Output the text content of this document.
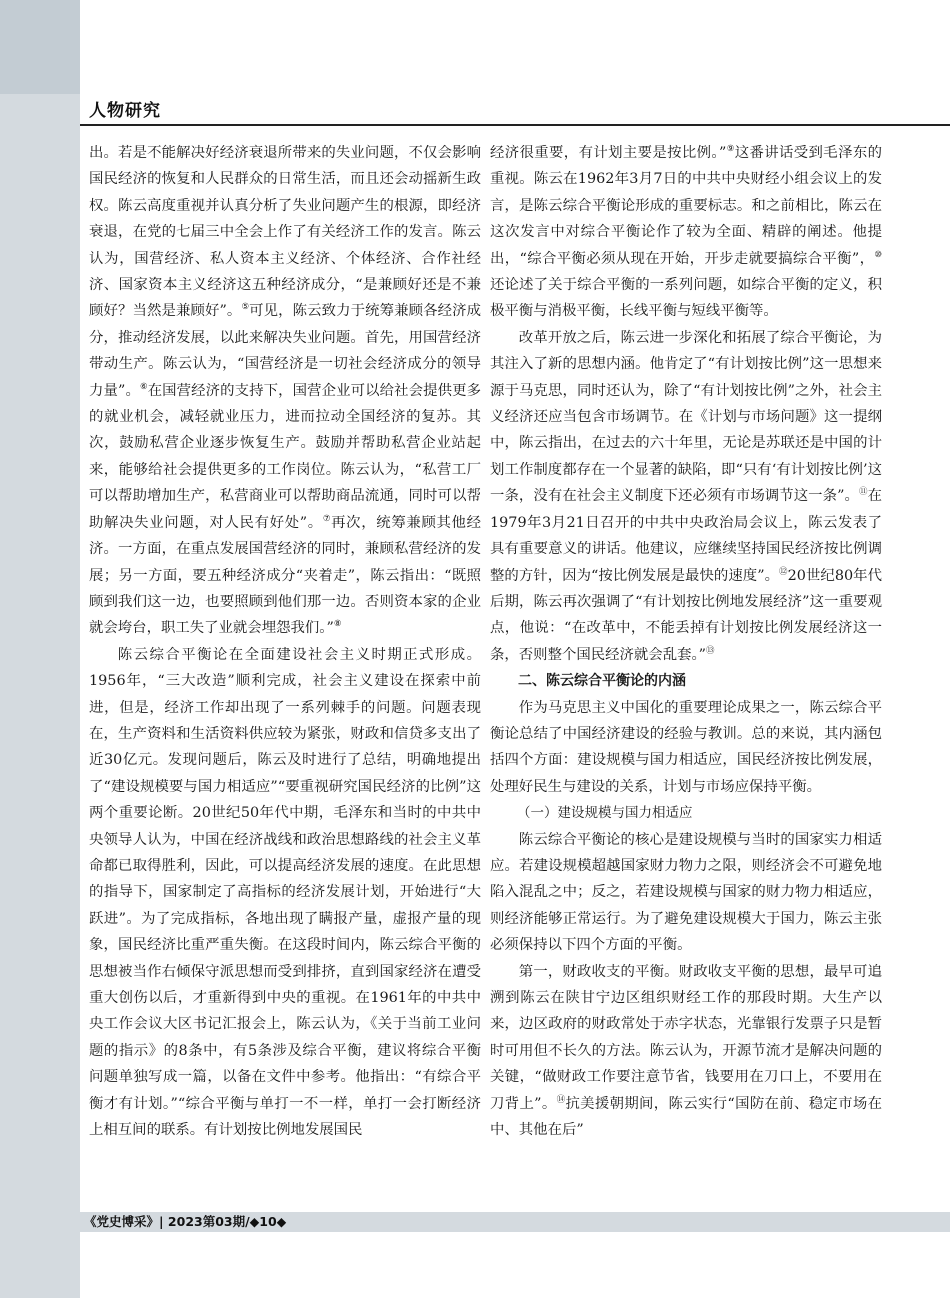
人物研究

出。若是不能解决好经济衰退所带来的失业问题，不仅会影响国民经济的恢复和人民群众的日常生活，而且还会动摇新生政权。陈云高度重视并认真分析了失业问题产生的根源，即经济衰退，在党的七届三中全会上作了有关经济工作的发言。陈云认为，国营经济、私人资本主义经济、个体经济、合作社经济、国家资本主义经济这五种经济成分，“是兼顾好还是不兼顾好？当然是兼顾好”。⑤可见，陈云致力于统筹兼顾各经济成分，推动经济发展，以此来解决失业问题。首先，用国营经济带动生产。陈云认为，“国营经济是一切社会经济成分的领导力量”。⑥在国营经济的支持下，国营企业可以给社会提供更多的就业机会，减轻就业压力，进而拉动全国经济的复苏。其次，鼓励私营企业逐步恢复生产。鼓励并帮助私营企业站起来，能够给社会提供更多的工作岗位。陈云认为，“私营工厂可以帮助增加生产，私营商业可以帮助商品流通，同时可以帮助解决失业问题，对人民有好处”。⑦再次，统筹兼顾其他经济。一方面，在重点发展国营经济的同时，兼顾私营经济的发展；另一方面，要五种经济成分“夹着走”，陈云指出：“既照顾到我们这一边，也要照顾到他们那一边。否则资本家的企业就会垮台，职工失了业就会埋怨我们。”⑧

陈云综合平衡论在全面建设社会主义时期正式形成。1956年，“三大改造”顺利完成，社会主义建设在探索中前进，但是，经济工作却出现了一系列棘手的问题。问题表现在，生产资料和生活资料供应较为紧张，财政和信贷多支出了近30亿元。发现问题后，陈云及时进行了总结，明确地提出了“建设规模要与国力相适应”“要重视研究国民经济的比例”这两个重要论断。20世纪50年代中期，毛泽东和当时的中共中央领导人认为，中国在经济战线和政治思想路线的社会主义革命都已取得胜利，因此，可以提高经济发展的速度。在此思想的指导下，国家制定了高指标的经济发展计划，开始进行“大跃进”。为了完成指标，各地出现了瞒报产量，虚报产量的现象，国民经济比重严重失衡。在这段时间内，陈云综合平衡的思想被当作右倾保守派思想而受到排挤，直到国家经济在遭受重大创伤以后，才重新得到中央的重视。在1961年的中共中央工作会议大区书记汇报会上，陈云认为，《关于当前工业问题的指示》的8条中，有5条涉及综合平衡，建议将综合平衡问题单独写成一篇，以备在文件中参考。他指出：“有综合平衡才有计划。”“综合平衡与单打一不一样，单打一会打断经济上相互间的联系。有计划按比例地发展国民

经济很重要，有计划主要是按比例。”⑨这番讲话受到毛泽东的重视。陈云在1962年3月7日的中共中央财经小组会议上的发言，是陈云综合平衡论形成的重要标志。和之前相比，陈云在这次发言中对综合平衡论作了较为全面、精辟的阐述。他提出，“综合平衡必须从现在开始，开步走就要搞综合平衡”，⑩还论述了关于综合平衡的一系列问题，如综合平衡的定义，积极平衡与消极平衡，长线平衡与短线平衡等。

改革开放之后，陈云进一步深化和拓展了综合平衡论，为其注入了新的思想内涵。他肯定了“有计划按比例”这一思想来源于马克思，同时还认为，除了“有计划按比例”之外，社会主义经济还应当包含市场调节。在《计划与市场问题》这一提纲中，陈云指出，在过去的六十年里，无论是苏联还是中国的计划工作制度都存在一个显著的缺陷，即“只有‘有计划按比例’这一条，没有在社会主义制度下还必须有市场调节这一条”。⑪在1979年3月21日召开的中共中央政治局会议上，陈云发表了具有重要意义的讲话。他建议，应继续坚持国民经济按比例调整的方针，因为“按比例发展是最快的速度”。⑫20世纪80年代后期，陈云再次强调了“有计划按比例地发展经济”这一重要观点，他说：“在改革中，不能丢掉有计划按比例发展经济这一条，否则整个国民经济就会乱套。”⑬

二、陈云综合平衡论的内涵

作为马克思主义中国化的重要理论成果之一，陈云综合平衡论总结了中国经济建设的经验与教训。总的来说，其内涵包括四个方面：建设规模与国力相适应，国民经济按比例发展，处理好民生与建设的关系，计划与市场应保持平衡。

（一）建设规模与国力相适应

陈云综合平衡论的核心是建设规模与当时的国家实力相适应。若建设规模超越国家财力物力之限，则经济会不可避免地陷入混乱之中；反之，若建设规模与国家的财力物力相适应，则经济能够正常运行。为了避免建设规模大于国力，陈云主张必须保持以下四个方面的平衡。

第一，财政收支的平衡。财政收支平衡的思想，最早可追溯到陈云在陕甘宁边区组织财经工作的那段时期。大生产以来，边区政府的财政常处于赤字状态，光靠银行发票子只是暂时可用但不长久的方法。陈云认为，开源节流才是解决问题的关键，“做财政工作要注意节省，钱要用在刀口上，不要用在刀背上”。⑭抗美援朝期间，陈云实行“国防在前、稳定市场在中、其他在后”

《党史博采》| 2023第03期/◆10◆
